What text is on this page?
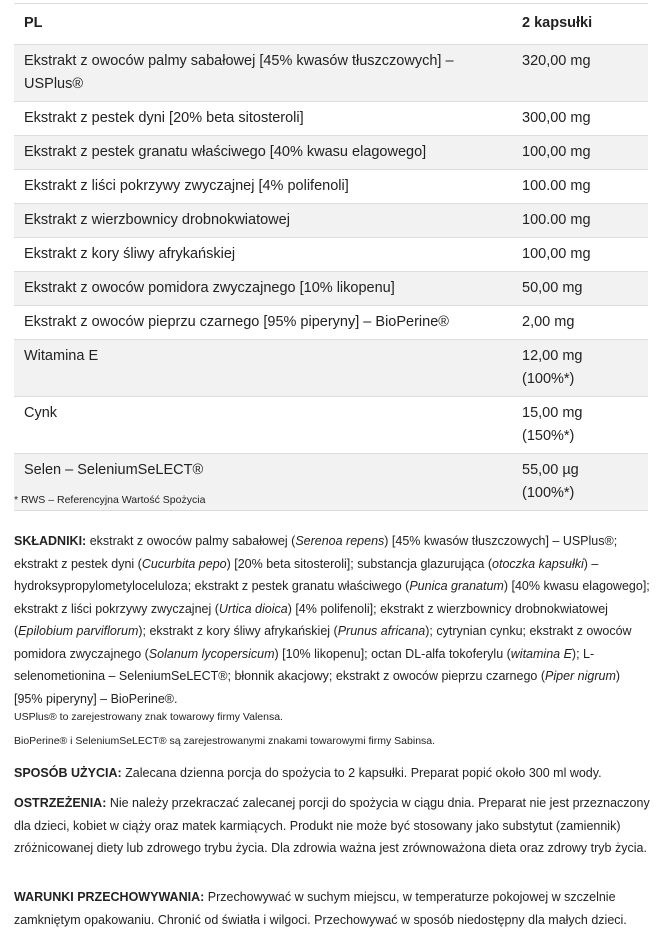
PL	2 kapsułki
Ekstrakt z owoców palmy sabałowej [45% kwasów tłuszczowych] – USPlus®	320,00 mg

Ekstrakt z pestek dyni [20% beta sitosteroli]	300,00 mg

Ekstrakt z pestek granatu właściwego [40% kwasu elagowego]	100,00 mg

Ekstrakt z liści pokrzywy zwyczajnej [4% polifenoli]	100.00 mg

Ekstrakt z wierzbownicy drobnokwiatowej	100.00 mg

Ekstrakt z kory śliwy afrykańskiej	100,00 mg

Ekstrakt z owoców pomidora zwyczajnego [10% likopenu]	50,00 mg

Ekstrakt z owoców pieprzu czarnego [95% piperyny] – BioPerine®	2,00 mg

Witamina E	12,00 mg
(100%*)

Cynk	15,00 mg
(150%*)

Selen – SeleniumSeLECT®	55,00 µg
(100%*)
* RWS – Referencyjna Wartość Spożycia
SKŁADNIKI: ekstrakt z owoców palmy sabałowej (Serenoa repens) [45% kwasów tłuszczowych] – USPlus®; ekstrakt z pestek dyni (Cucurbita pepo) [20% beta sitosteroli]; substancja glazurująca (otoczka kapsułki) – hydroksypropylometyloceluloza; ekstrakt z pestek granatu właściwego (Punica granatum) [40% kwasu elagowego]; ekstrakt z liści pokrzywy zwyczajnej (Urtica dioica) [4% polifenoli]; ekstrakt z wierzbownicy drobnokwiatowej (Epilobium parviflorum); ekstrakt z kory śliwy afrykańskiej (Prunus africana); cytrynian cynku; ekstrakt z owoców pomidora zwyczajnego (Solanum lycopersicum) [10% likopenu]; octan DL-alfa tokoferylu (witamina E); L-selenometionina – SeleniumSeLECT®; błonnik akacjowy; ekstrakt z owoców pieprzu czarnego (Piper nigrum) [95% piperyny] – BioPerine®.
USPlus® to zarejestrowany znak towarowy firmy Valensa.
BioPerine® i SeleniumSeLECT® są zarejestrowanymi znakami towarowymi firmy Sabinsa.
SPOSÓB UŻYCIA: Zalecana dzienna porcja do spożycia to 2 kapsułki. Preparat popić około 300 ml wody.
OSTRZEŻENIA: Nie należy przekraczać zalecanej porcji do spożycia w ciągu dnia. Preparat nie jest przeznaczony dla dzieci, kobiet w ciąży oraz matek karmiących. Produkt nie może być stosowany jako substytut (zamiennik) zróżnicowanej diety lub zdrowego trybu życia. Dla zdrowia ważna jest zrównoważona dieta oraz zdrowy tryb życia.
WARUNKI PRZECHOWYWANIA: Przechowywać w suchym miejscu, w temperaturze pokojowej w szczelnie zamkniętym opakowaniu. Chronić od światła i wilgoci. Przechowywać w sposób niedostępny dla małych dzieci.
